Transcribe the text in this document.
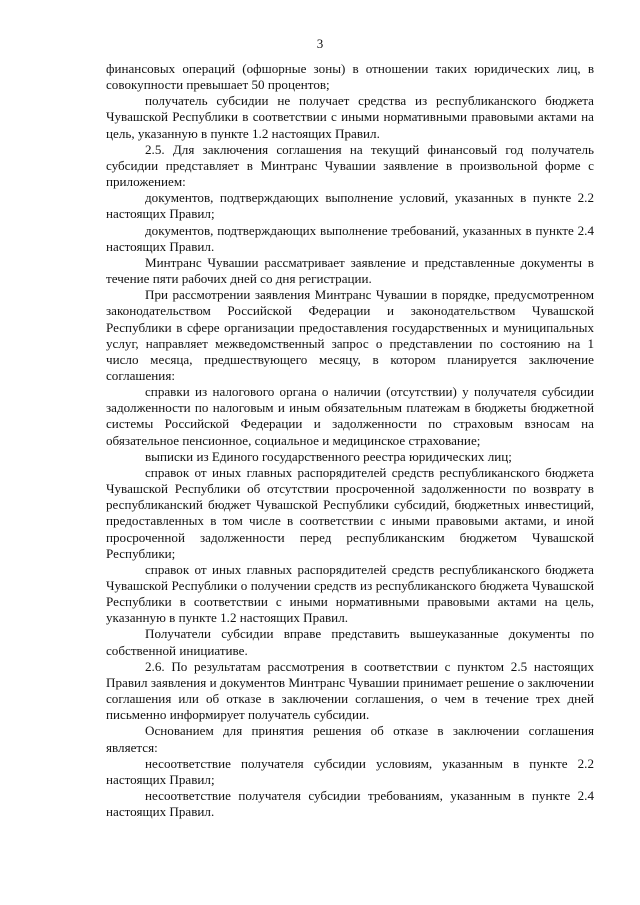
3

финансовых операций (офшорные зоны) в отношении таких юридических лиц, в совокупности превышает 50 процентов;

получатель субсидии не получает средства из республиканского бюджета Чувашской Республики в соответствии с иными нормативными правовыми актами на цель, указанную в пункте 1.2 настоящих Правил.

2.5. Для заключения соглашения на текущий финансовый год получатель субсидии представляет в Минтранс Чувашии заявление в произвольной форме с приложением:

документов, подтверждающих выполнение условий, указанных в пункте 2.2 настоящих Правил;

документов, подтверждающих выполнение требований, указанных в пункте 2.4 настоящих Правил.

Минтранс Чувашии рассматривает заявление и представленные документы в течение пяти рабочих дней со дня регистрации.

При рассмотрении заявления Минтранс Чувашии в порядке, предусмотренном законодательством Российской Федерации и законодательством Чувашской Республики в сфере организации предоставления государственных и муниципальных услуг, направляет межведомственный запрос о представлении по состоянию на 1 число месяца, предшествующего месяцу, в котором планируется заключение соглашения:

справки из налогового органа о наличии (отсутствии) у получателя субсидии задолженности по налоговым и иным обязательным платежам в бюджеты бюджетной системы Российской Федерации и задолженности по страховым взносам на обязательное пенсионное, социальное и медицинское страхование;

выписки из Единого государственного реестра юридических лиц;

справок от иных главных распорядителей средств республиканского бюджета Чувашской Республики об отсутствии просроченной задолженности по возврату в республиканский бюджет Чувашской Республики субсидий, бюджетных инвестиций, предоставленных в том числе в соответствии с иными правовыми актами, и иной просроченной задолженности перед республиканским бюджетом Чувашской Республики;

справок от иных главных распорядителей средств республиканского бюджета Чувашской Республики о получении средств из республиканского бюджета Чувашской Республики в соответствии с иными нормативными правовыми актами на цель, указанную в пункте 1.2 настоящих Правил.

Получатели субсидии вправе представить вышеуказанные документы по собственной инициативе.

2.6. По результатам рассмотрения в соответствии с пунктом 2.5 настоящих Правил заявления и документов Минтранс Чувашии принимает решение о заключении соглашения или об отказе в заключении соглашения, о чем в течение трех дней письменно информирует получатель субсидии.

Основанием для принятия решения об отказе в заключении соглашения является:

несоответствие получателя субсидии условиям, указанным в пункте 2.2 настоящих Правил;

несоответствие получателя субсидии требованиям, указанным в пункте 2.4 настоящих Правил.
